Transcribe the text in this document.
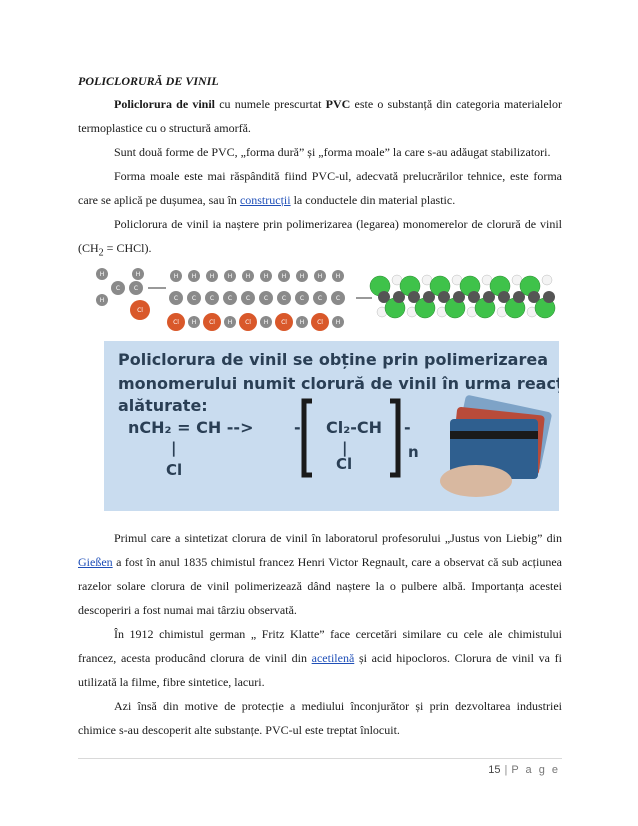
POLICLORURĂ DE VINIL

Policlorura de vinil cu numele prescurtat PVC este o substanță din categoria materialelor termoplastice cu o structură amorfă.

Sunt două forme de PVC, „forma dură” și „forma moale” la care s-au adăugat stabilizatori.

Forma moale este mai răspândită fiind PVC-ul, adecvată prelucrărilor tehnice, este forma care se aplică pe dușumea, sau în construcții la conductele din material plastic.

Policlorura de vinil ia naștere prin polimerizarea (legarea) monomerelor de clorură de vinil ($CH_2$ = CHCl).

H
H
C C
H
Cl
C
H
Cl
C
H
H
C
H
Cl
C
H
H
C
H
Cl
C
H
H
C
H
Cl
C
H
H
C
H
Cl
C
H
H
Policlorura de vinil se obține prin polimerizarea
monomerului numit clorură de vinil în urma reacției
alăturate:
nCH₂ = CH -->	- Cl₂-CH
|
Cl
|
Cl
-
n

Primul care a sintetizat clorura de vinil în laboratorul profesorului „Justus von Liebig” din Gießen a fost în anul 1835 chimistul francez Henri Victor Regnault, care a observat că sub acțiunea razelor solare clorura de vinil polimerizează dând naștere la o pulbere albă. Importanța acestei descoperiri a fost numai mai târziu observată.

În 1912 chimistul german „ Fritz Klatte” face cercetări similare cu cele ale chimistului francez, acesta producând clorura de vinil din acetilenă și acid hipocloros. Clorura de vinil va fi utilizată la filme, fibre sintetice, lacuri.

Azi însă din motive de protecție a mediului înconjurător și prin dezvoltarea industriei chimice s-au descoperit alte substanțe. PVC-ul este treptat înlocuit.

15 | P a g e
